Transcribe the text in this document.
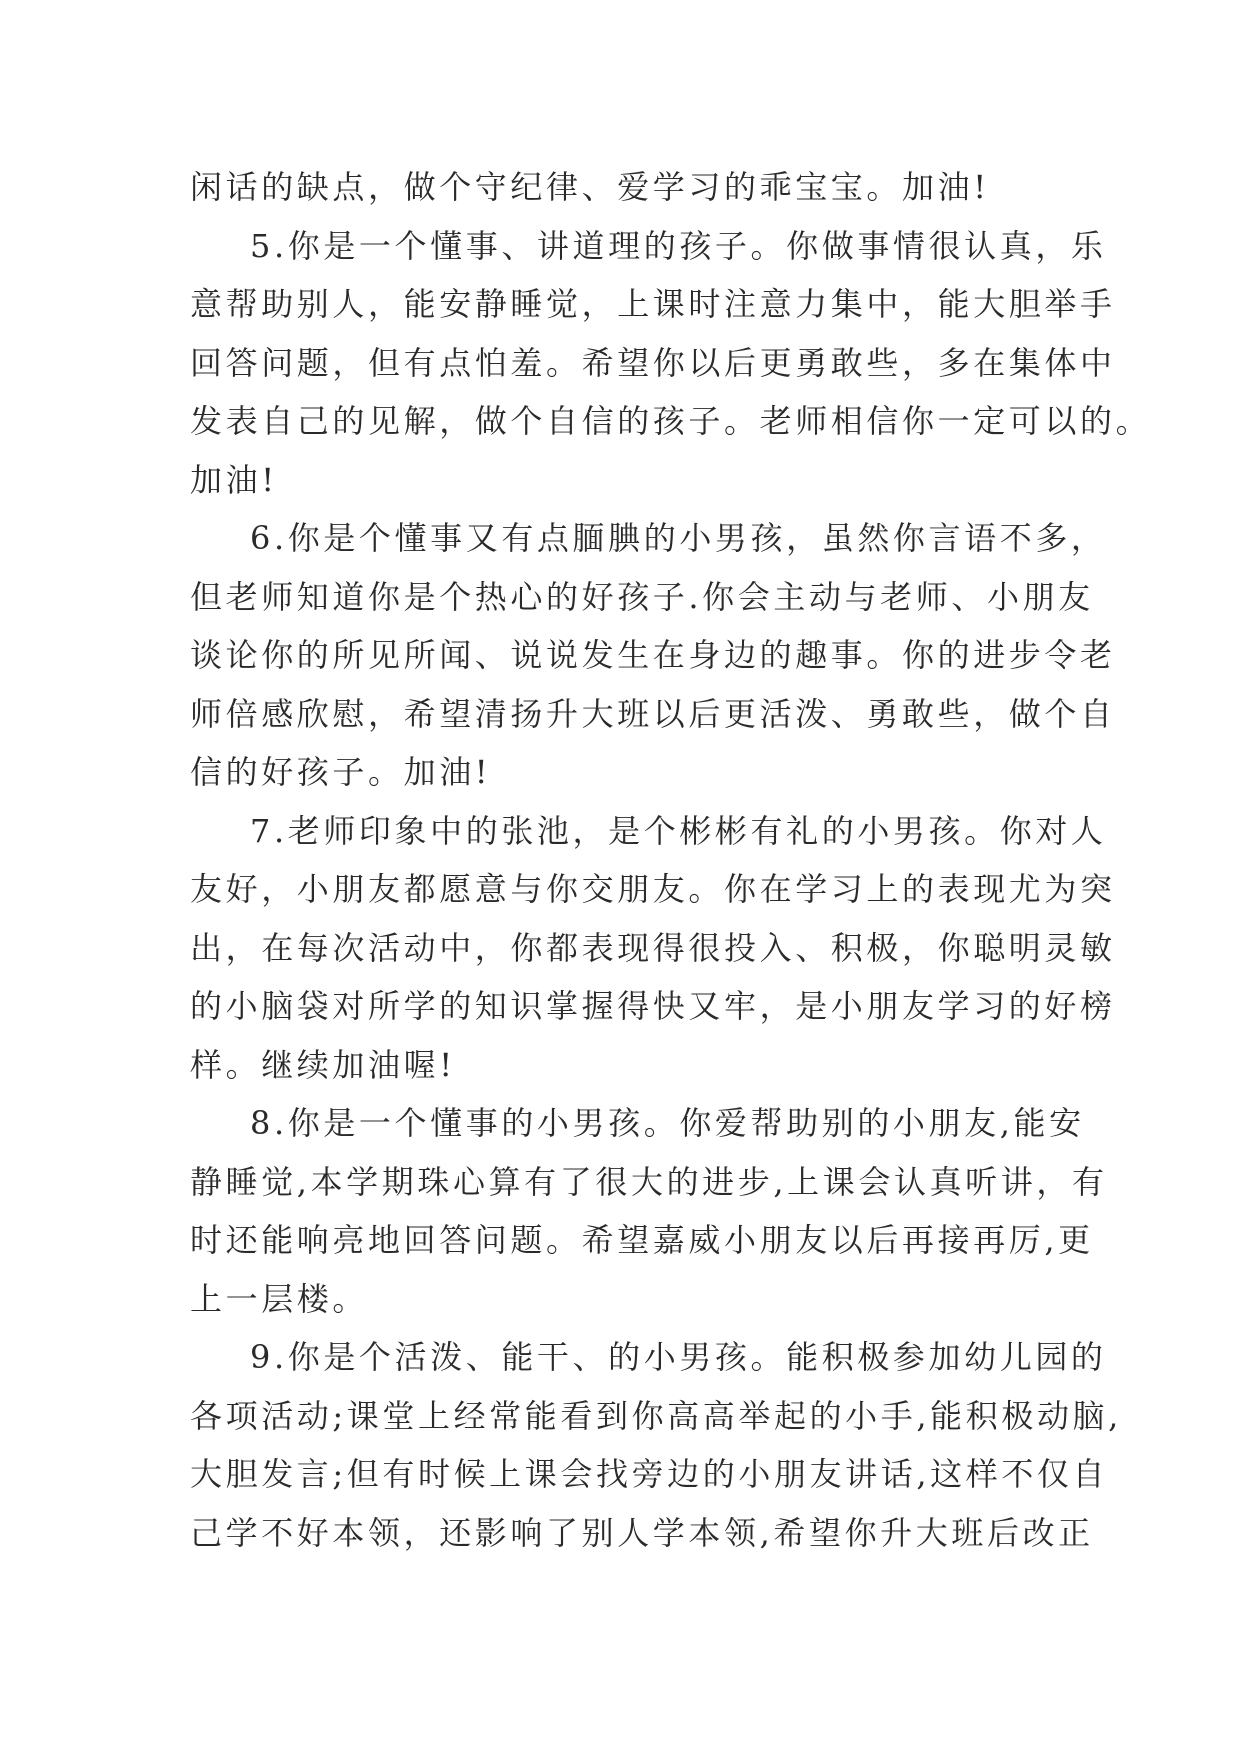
闲话的缺点，做个守纪律、爱学习的乖宝宝。加油!
5.你是一个懂事、讲道理的孩子。你做事情很认真，乐
意帮助别人，能安静睡觉，上课时注意力集中，能大胆举手
回答问题，但有点怕羞。希望你以后更勇敢些，多在集体中
发表自己的见解，做个自信的孩子。老师相信你一定可以的。
加油!
6.你是个懂事又有点腼腆的小男孩，虽然你言语不多，
但老师知道你是个热心的好孩子.你会主动与老师、小朋友
谈论你的所见所闻、说说发生在身边的趣事。你的进步令老
师倍感欣慰，希望清扬升大班以后更活泼、勇敢些，做个自
信的好孩子。加油!
7.老师印象中的张池，是个彬彬有礼的小男孩。你对人
友好，小朋友都愿意与你交朋友。你在学习上的表现尤为突
出，在每次活动中，你都表现得很投入、积极，你聪明灵敏
的小脑袋对所学的知识掌握得快又牢，是小朋友学习的好榜
样。继续加油喔!
8.你是一个懂事的小男孩。你爱帮助别的小朋友,能安
静睡觉,本学期珠心算有了很大的进步,上课会认真听讲，有
时还能响亮地回答问题。希望嘉威小朋友以后再接再厉,更
上一层楼。
9.你是个活泼、能干、的小男孩。能积极参加幼儿园的
各项活动;课堂上经常能看到你高高举起的小手,能积极动脑,
大胆发言;但有时候上课会找旁边的小朋友讲话,这样不仅自
己学不好本领，还影响了别人学本领,希望你升大班后改正
